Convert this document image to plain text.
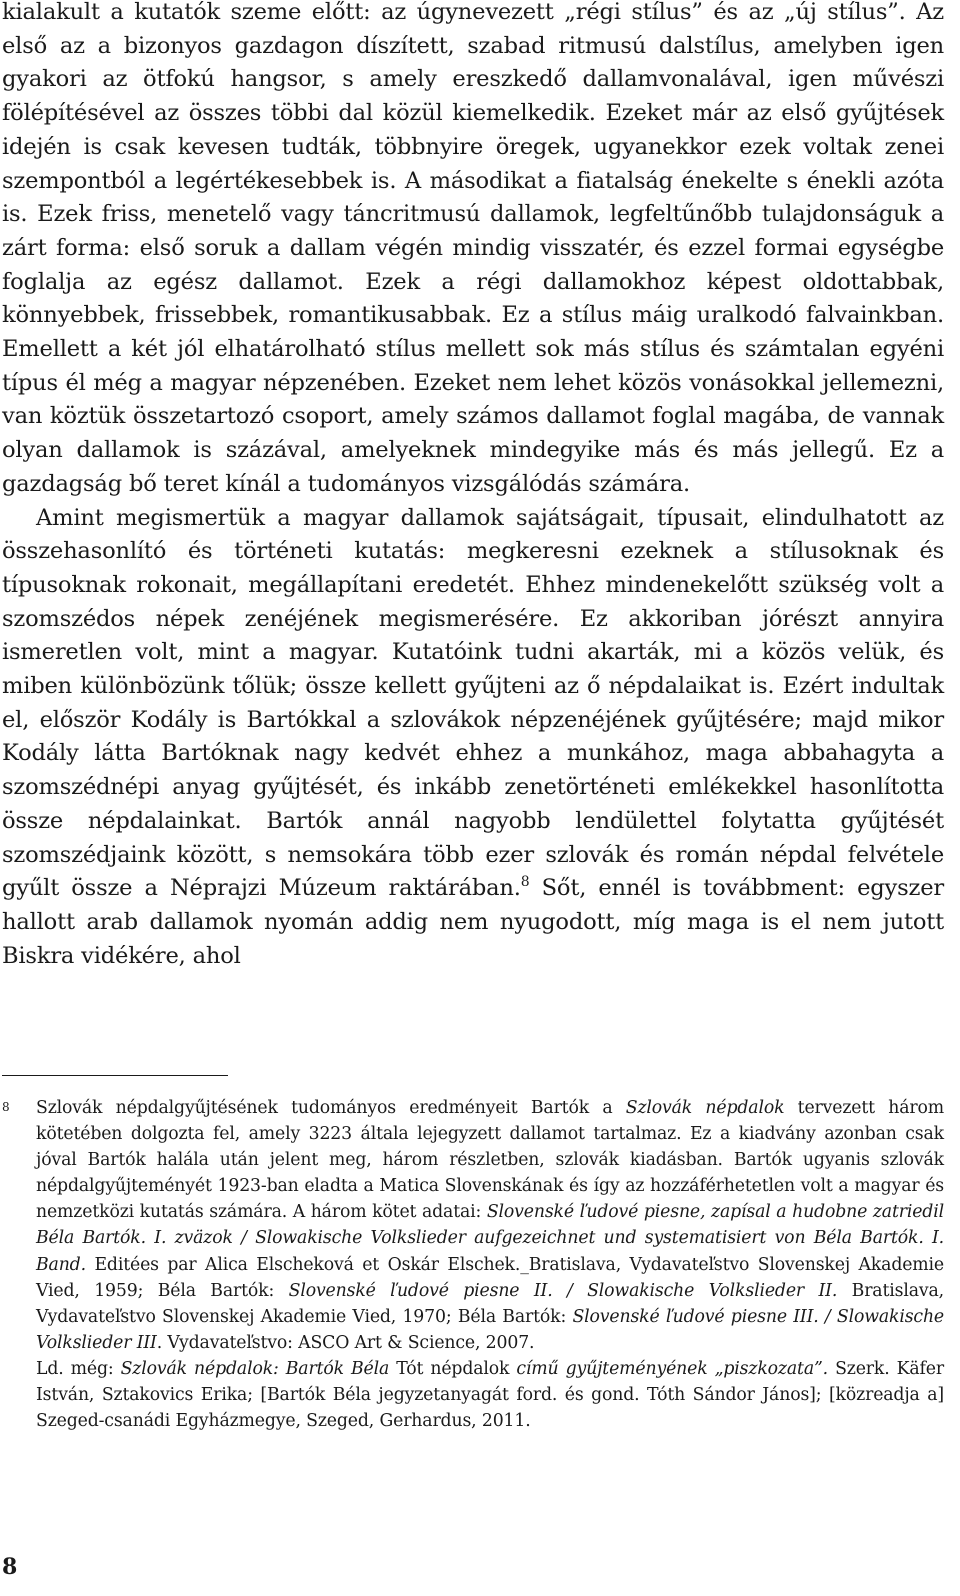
kialakult a kutatók szeme előtt: az úgynevezett „régi stílus” és az „új stílus”. Az első az a bizonyos gazdagon díszített, szabad ritmusú dalstílus, amelyben igen gyakori az ötfokú hangsor, s amely ereszkedő dallamvonalával, igen művészi fölépítésével az összes többi dal közül kiemelkedik. Ezeket már az első gyűjtések idején is csak kevesen tudták, többnyire öregek, ugyanekkor ezek voltak zenei szempontból a legértékesebbek is. A másodikat a fiatalság énekelte s énekli azóta is. Ezek friss, menetelő vagy táncritmusú dallamok, legfeltűnőbb tulajdonságuk a zárt forma: első soruk a dallam végén mindig visszatér, és ezzel formai egységbe foglalja az egész dallamot. Ezek a régi dallamokhoz képest oldottabbak, könnyebbek, frissebbek, romantikusabbak. Ez a stílus máig uralkodó falvainkban. Emellett a két jól elhatárolható stílus mellett sok más stílus és számtalan egyéni típus él még a magyar népzenében. Ezeket nem lehet közös vonásokkal jellemezni, van köztük összetartozó csoport, amely számos dallamot foglal magába, de vannak olyan dallamok is százával, amelyeknek mindegyike más és más jellegű. Ez a gazdagság bő teret kínál a tudományos vizsgálódás számára.

Amint megismertük a magyar dallamok sajátságait, típusait, elindulhatott az összehasonlító és történeti kutatás: megkeresni ezeknek a stílusoknak és típusoknak rokonait, megállapítani eredetét. Ehhez mindenekelőtt szükség volt a szomszédos népek zenéjének megismerésére. Ez akkoriban jórészt annyira ismeretlen volt, mint a magyar. Kutatóink tudni akarták, mi a közös velük, és miben különbözünk tőlük; össze kellett gyűjteni az ő népdalaikat is. Ezért indultak el, először Kodály is Bartókkal a szlovákok népzenéjének gyűjtésére; majd mikor Kodály látta Bartóknak nagy kedvét ehhez a munkához, maga abbahagyta a szomszédnépi anyag gyűjtését, és inkább zenetörténeti emlékekkel hasonlította össze népdalainkat. Bartók annál nagyobb lendülettel folytatta gyűjtését szomszédjaink között, s nemsokára több ezer szlovák és román népdal felvétele gyűlt össze a Néprajzi Múzeum raktárában.$^8$ Sőt, ennél is továbbment: egyszer hallott arab dallamok nyomán addig nem nyugodott, míg maga is el nem jutott Biskra vidékére, ahol

8	Szlovák népdalgyűjtésének tudományos eredményeit Bartók a Szlovák népdalok tervezett három kötetében dolgozta fel, amely 3223 általa lejegyzett dallamot tartalmaz. Ez a kiadvány azonban csak jóval Bartók halála után jelent meg, három részletben, szlovák kiadásban. Bartók ugyanis szlovák népdalgyűjteményét 1923-ban eladta a Matica Slovenskának és így az hozzáférhetetlen volt a magyar és nemzetközi kutatás számára. A három kötet adatai: Slovenské ľudové piesne, zapísal a hudobne zatriedil Béla Bartók. I. zväzok / Slowakische Volkslieder aufgezeichnet und systematisiert von Béla Bartók. I. Band. Editées par Alica Elscheková et Oskár Elschek._Bratislava, Vydavateľstvo Slovenskej Akademie Vied, 1959; Béla Bartók: Slovenské ľudové piesne II. / Slowakische Volkslieder II. Bratislava, Vydavateľstvo Slovenskej Akademie Vied, 1970; Béla Bartók: Slovenské ľudové piesne III. / Slowakische Volkslieder III. Vydavateľstvo: ASCO Art & Science, 2007.

Ld. még: Szlovák népdalok: Bartók Béla Tót népdalok című gyűjteményének „piszkozata”. Szerk. Käfer István, Sztakovics Erika; [Bartók Béla jegyzetanyagát ford. és gond. Tóth Sándor János]; [közreadja a] Szeged-csanádi Egyházmegye, Szeged, Gerhardus, 2011.

8
